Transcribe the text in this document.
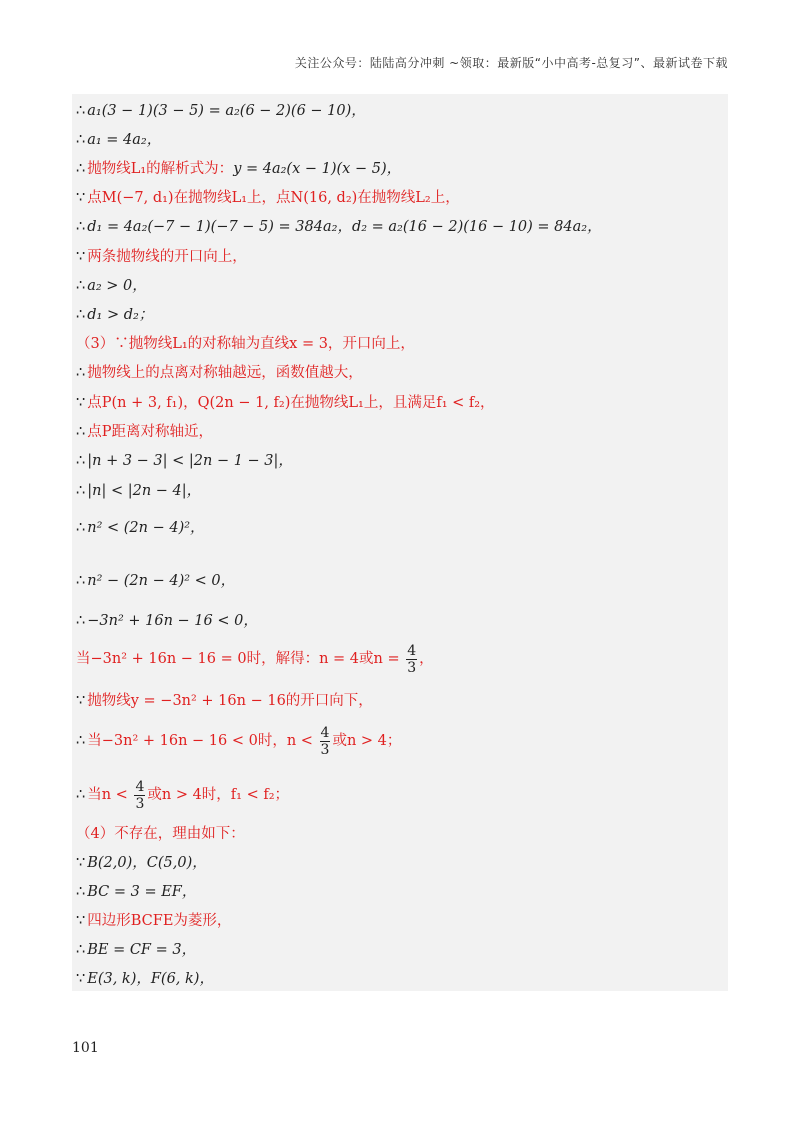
关注公众号：陆陆高分冲刺 ~领取：最新版“小中高考-总复习”、最新试卷下载
∴ a₁(3 − 1)(3 − 5) = a₂(6 − 2)(6 − 10)，
∴ a₁ = 4a₂，
∴ 抛物线L₁的解析式为：y = 4a₂(x − 1)(x − 5)，
∵ 点M(−7, d₁)在抛物线L₁上，点N(16, d₂)在抛物线L₂上，
∴ d₁ = 4a₂(−7 − 1)(−7 − 5) = 384a₂，d₂ = a₂(16 − 2)(16 − 10) = 84a₂，
∵ 两条抛物线的开口向上，
∴ a₂ > 0，
∴ d₁ > d₂；
（3）∵抛物线L₁的对称轴为直线x = 3，开口向上，
∴ 抛物线上的点离对称轴越远，函数值越大，
∵ 点P(n + 3, f₁)，Q(2n − 1, f₂)在抛物线L₁上，且满足f₁ < f₂，
∴ 点P距离对称轴近，
∴ |n + 3 − 3| < |2n − 1 − 3|，
∴ |n| < |2n − 4|，
∴ n² < (2n − 4)²，
∴ n² − (2n − 4)² < 0，
∴ −3n² + 16n − 16 < 0，
当−3n² + 16n − 16 = 0时，解得：n = 4或$n = \frac{4}{3}$ ，
∵ 抛物线y = −3n² + 16n − 16的开口向下，
∴ 当−3n² + 16n − 16 < 0时，$n < \frac{4}{3}$ 或n > 4；
∴ 当$n < \frac{4}{3}$ 或n > 4时，f₁ < f₂；
（4）不存在，理由如下：
∵ B(2,0)，C(5,0)，
∴ BC = 3 = EF，
∵ 四边形BCFE为菱形，
∴ BE = CF = 3，
∵ E(3, k)，F(6, k)，
101
